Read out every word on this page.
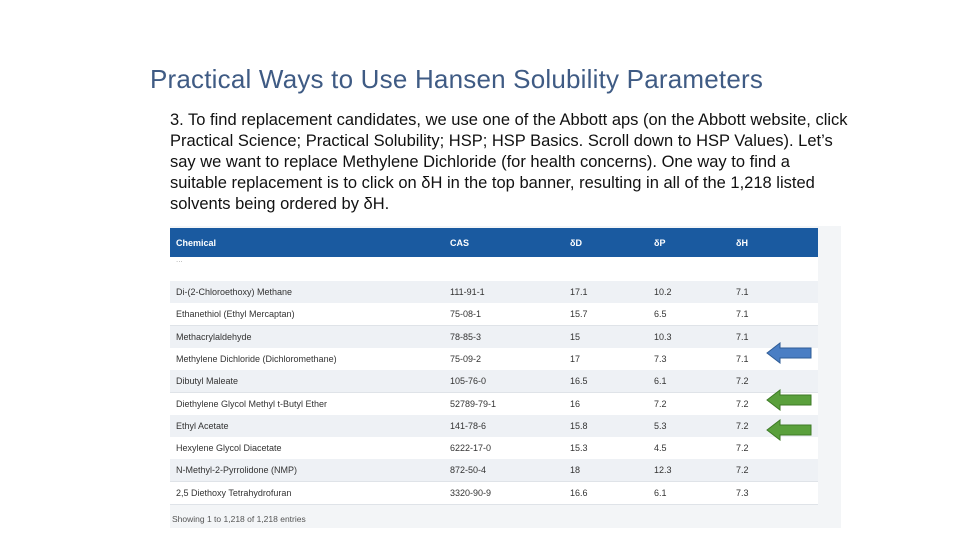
Practical Ways to Use Hansen Solubility Parameters
3. To find replacement candidates, we use one of the Abbott aps (on the Abbott website, click Practical Science; Practical Solubility; HSP; HSP Basics. Scroll down to HSP Values). Let’s say we want to replace Methylene Dichloride (for health concerns). One way to find a suitable replacement is to click on δH in the top banner, resulting in all of the 1,218 listed solvents being ordered by δH.
Chemical	CAS	δD	δP	δH
...
Di-(2-Chloroethoxy) Methane	111-91-1	17.1	10.2	7.1
Ethanethiol (Ethyl Mercaptan)	75-08-1	15.7	6.5	7.1
Methacrylaldehyde	78-85-3	15	10.3	7.1
Methylene Dichloride (Dichloromethane)	75-09-2	17	7.3	7.1
Dibutyl Maleate	105-76-0	16.5	6.1	7.2
Diethylene Glycol Methyl t-Butyl Ether	52789-79-1	16	7.2	7.2
Ethyl Acetate	141-78-6	15.8	5.3	7.2
Hexylene Glycol Diacetate	6222-17-0	15.3	4.5	7.2
N-Methyl-2-Pyrrolidone (NMP)	872-50-4	18	12.3	7.2
2,5 Diethoxy Tetrahydrofuran	3320-90-9	16.6	6.1	7.3
Showing 1 to 1,218 of 1,218 entries
